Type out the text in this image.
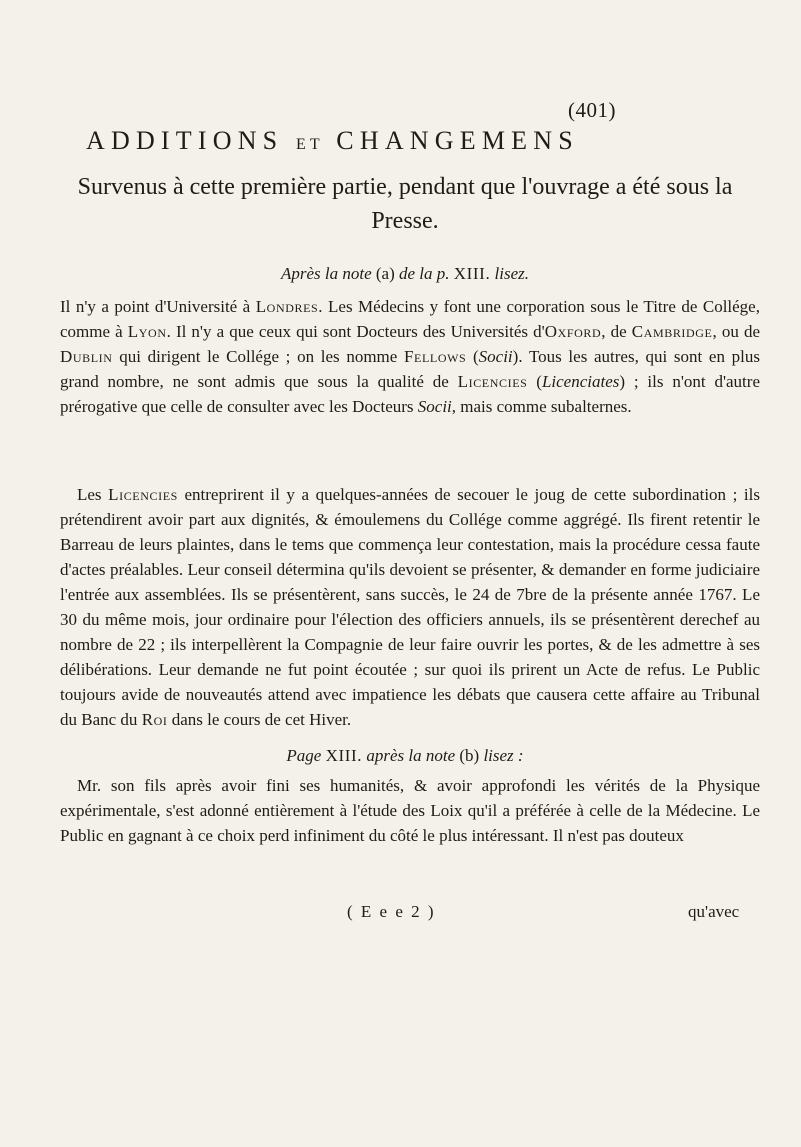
(401)
ADDITIONS ET CHANGEMENS
Survenus à cette première partie, pendant que l'ouvrage a été sous la Presse.
Après la note (a) de la p. XIII. lisez.

Il n'y a point d'Université à Londres. Les Médecins y font une corporation sous le Titre de Collége, comme à Lyon. Il n'y a que ceux qui sont Docteurs des Universités d'Oxford, de Cambridge, ou de Dublin qui dirigent le Collége ; on les nomme Fellows (Socii). Tous les autres, qui sont en plus grand nombre, ne sont admis que sous la qualité de Licencies (Licenciates) ; ils n'ont d'autre prérogative que celle de consulter avec les Docteurs Socii, mais comme subalternes.

 Les Licencies entreprirent il y a quelques-années de secouer le joug de cette subordination ; ils prétendirent avoir part aux dignités, & émoulemens du Collége comme aggrégé. Ils firent retentir le Barreau de leurs plaintes, dans le tems que commença leur contestation, mais la procédure cessa faute d'actes préalables. Leur conseil détermina qu'ils devoient se présenter, & demander en forme judiciaire l'entrée aux assemblées. Ils se présentèrent, sans succès, le 24 de 7bre de la présente année 1767. Le 30 du même mois, jour ordinaire pour l'élection des officiers annuels, ils se présentèrent derechef au nombre de 22 ; ils interpellèrent la Compagnie de leur faire ouvrir les portes, & de les admettre à ses délibérations. Leur demande ne fut point écoutée ; sur quoi ils prirent un Acte de refus. Le Public toujours avide de nouveautés attend avec impatience les débats que causera cette affaire au Tribunal du Banc du Roi dans le cours de cet Hiver.

Page XIII. après la note (b) lisez :

 Mr. son fils après avoir fini ses humanités, & avoir approfondi les vérités de la Physique expérimentale, s'est adonné entièrement à l'étude des Loix qu'il a préférée à celle de la Médecine. Le Public en gagnant à ce choix perd infiniment du côté le plus intéressant. Il n'est pas douteux

( E e e 2 )	qu'avec
